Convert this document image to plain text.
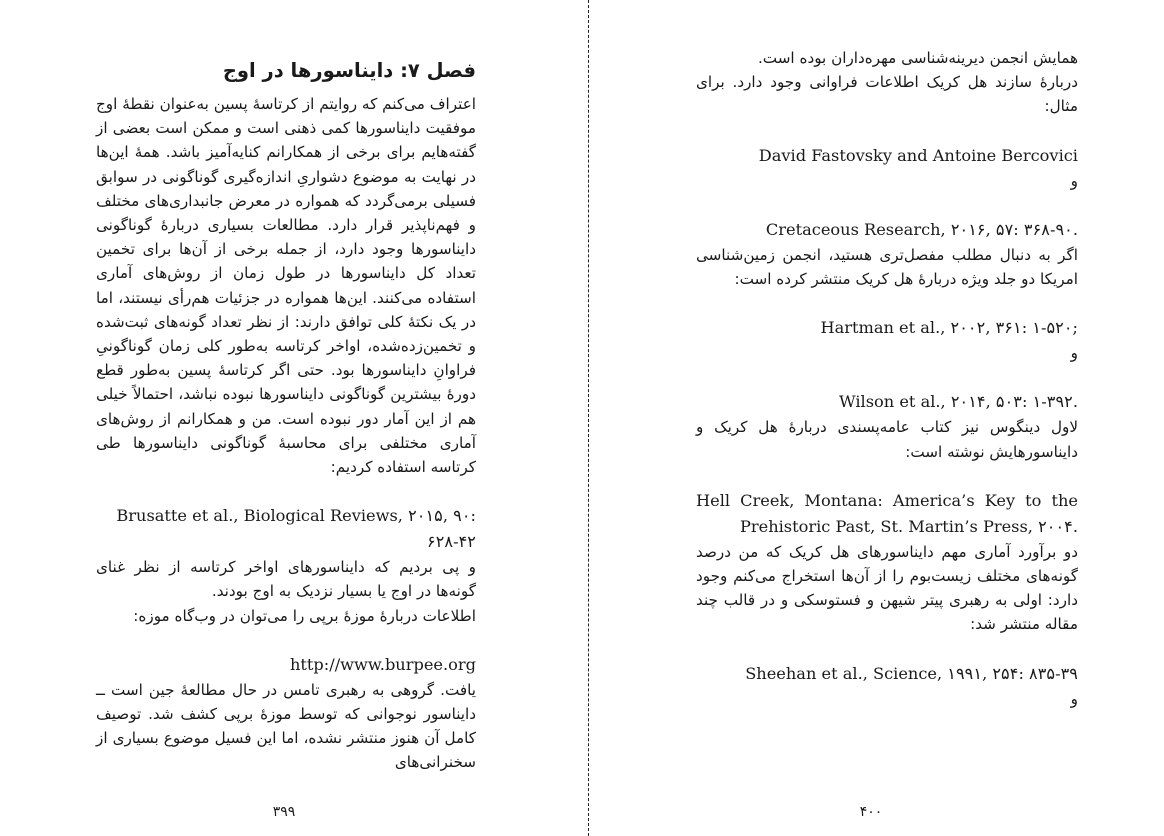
فصل ۷: دایناسورها در اوج

اعتراف می‌کنم که روایتم از کرتاسهٔ پسین به‌عنوان نقطهٔ اوج موفقیت دایناسورها کمی ذهنی است و ممکن است بعضی از گفته‌هایم برای برخی از همکارانم کنایه‌آمیز باشد. همهٔ این‌ها در نهایت به موضوع دشواریِ اندازه‌گیری گوناگونی در سوابق فسیلی برمی‌گردد که همواره در معرض جانبداری‌های مختلف و فهم‌ناپذیر قرار دارد. مطالعات بسیاری دربارهٔ گوناگونی دایناسورها وجود دارد، از جمله برخی از آن‌ها برای تخمین تعداد کل دایناسورها در طول زمان از روش‌های آماری استفاده می‌کنند. این‌ها همواره در جزئیات هم‌رأی نیستند، اما در یک نکتهٔ کلی توافق دارند: از نظر تعداد گونه‌های ثبت‌شده و تخمین‌زده‌شده، اواخر کرتاسه به‌طور کلی زمان گوناگونیِ فراوانِ دایناسورها بود. حتی اگر کرتاسهٔ پسین به‌طور قطع دورهٔ بیشترین گوناگونی دایناسورها نبوده نباشد، احتمالاً خیلی هم از این آمار دور نبوده است. من و همکارانم از روش‌های آماری مختلفی برای محاسبهٔ گوناگونی دایناسورها طی کرتاسه استفاده کردیم:

Brusatte et al., Biological Reviews, ۲۰۱۵, ۹۰: ۶۲۸-۴۲

و پی بردیم که دایناسورهای اواخر کرتاسه از نظر غنای گونه‌ها در اوج یا بسیار نزدیک به اوج بودند.

اطلاعات دربارهٔ موزهٔ برپی را می‌توان در وب‌گاه موزه:

http://www.burpee.org

یافت. گروهی به رهبری تامس در حال مطالعهٔ جین است ــ دایناسور نوجوانی که توسط موزهٔ برپی کشف شد. توصیف کامل آن هنوز منتشر نشده، اما این فسیل موضوع بسیاری از سخنرانی‌های

۳۹۹

همایش انجمن دیرینه‌شناسی مهره‌داران بوده است.

دربارهٔ سازند هل کریک اطلاعات فراوانی وجود دارد. برای مثال:

David Fastovsky and Antoine Bercovici

و

Cretaceous Research, ۲۰۱۶, ۵۷: ۳۶۸-۹۰.

اگر به دنبال مطلب مفصل‌تری هستید، انجمن زمین‌شناسی امریکا دو جلد ویژه دربارهٔ هل کریک منتشر کرده است:

Hartman et al., ۲۰۰۲, ۳۶۱: ۱-۵۲۰;

و

Wilson et al., ۲۰۱۴, ۵۰۳: ۱-۳۹۲.

لاول دینگوس نیز کتاب عامه‌پسندی دربارهٔ هل کریک و دایناسورهایش نوشته است:

Hell Creek, Montana: America’s Key to the Prehistoric Past, St. Martin’s Press, ۲۰۰۴.

دو برآورد آماری مهم دایناسورهای هل کریک که من درصد گونه‌های مختلف زیست‌بوم را از آن‌ها استخراج می‌کنم وجود دارد: اولی به رهبری پیتر شیهن و فستوسکی و در قالب چند مقاله منتشر شد:

Sheehan et al., Science, ۱۹۹۱, ۲۵۴: ۸۳۵-۳۹

و

۴۰۰
